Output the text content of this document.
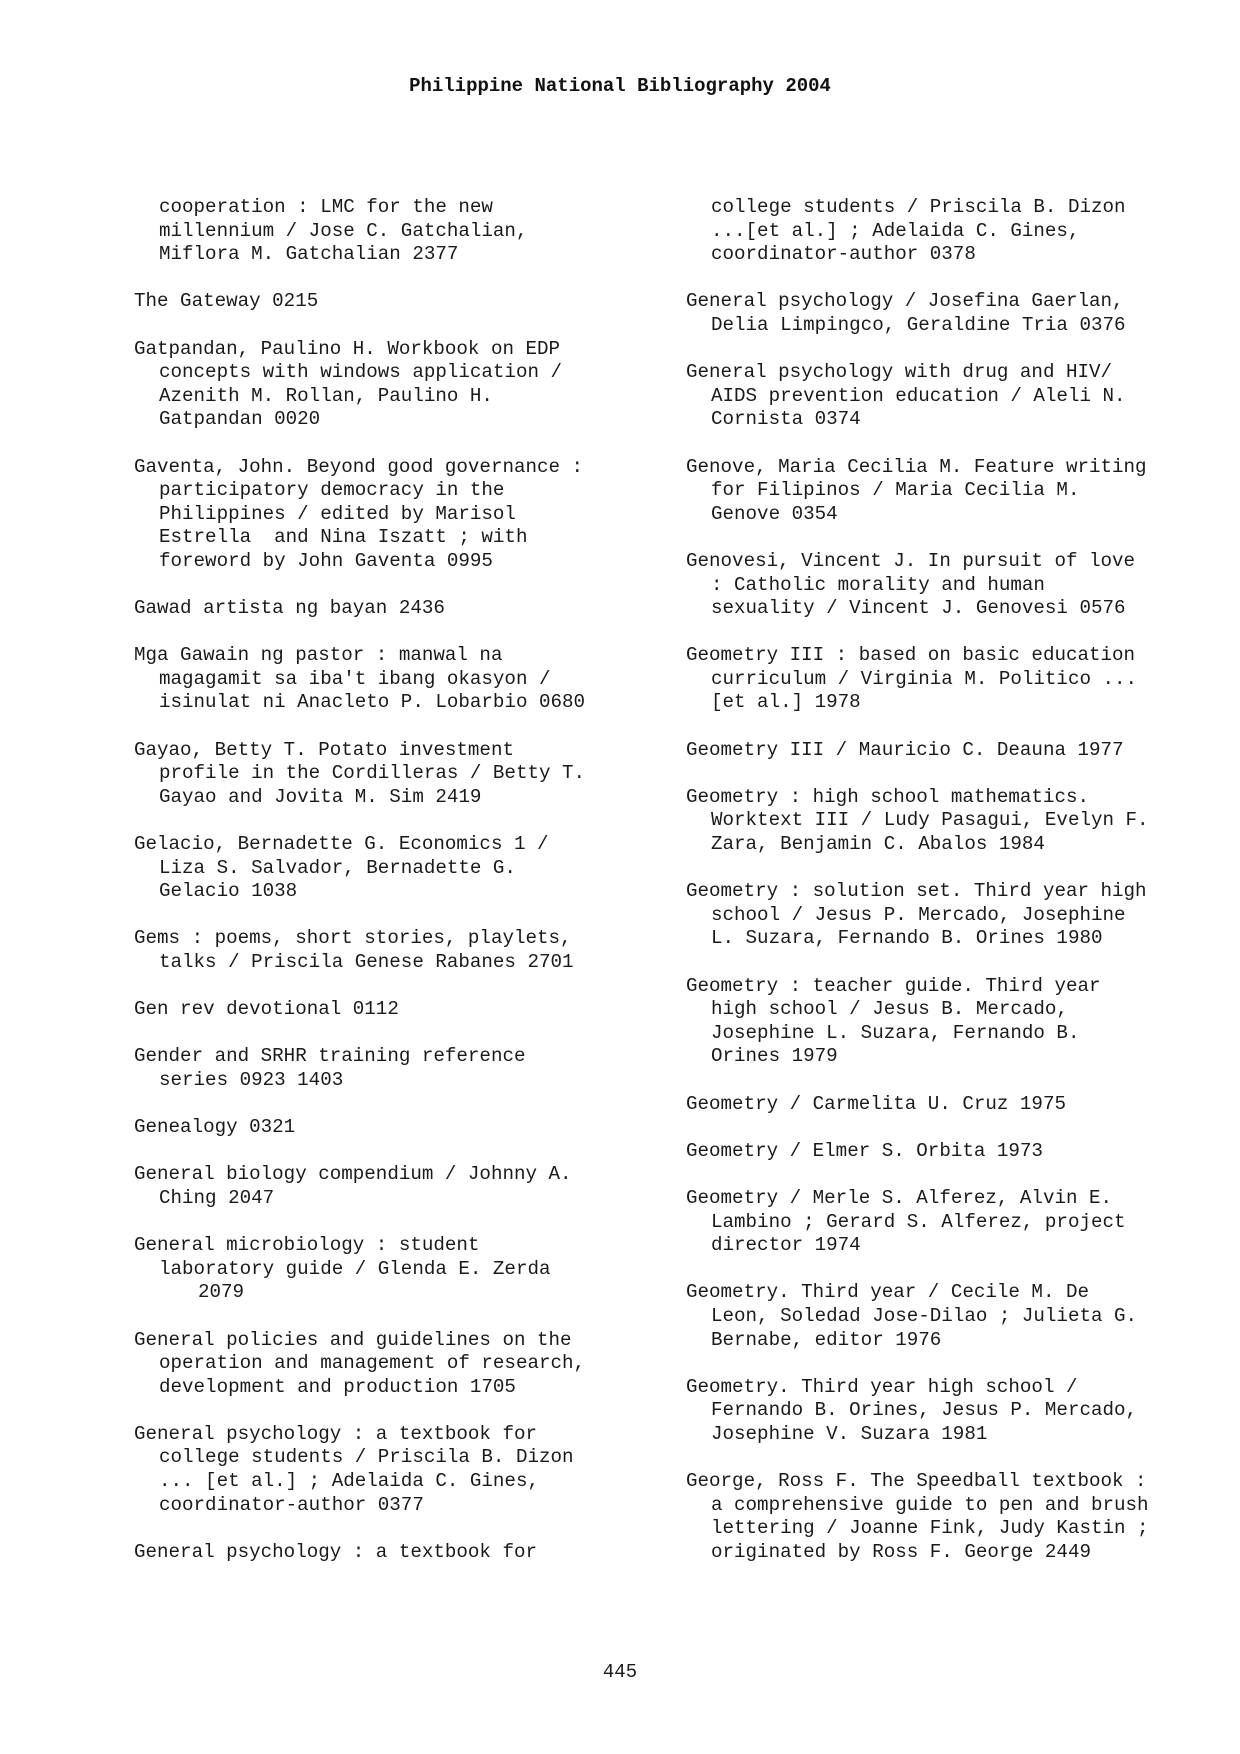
Philippine National Bibliography 2004
cooperation : LMC for the new
millennium / Jose C. Gatchalian,
Miflora M. Gatchalian 2377
The Gateway 0215
Gatpandan, Paulino H. Workbook on EDP
concepts with windows application /
Azenith M. Rollan, Paulino H.
Gatpandan 0020
Gaventa, John. Beyond good governance :
participatory democracy in the
Philippines / edited by Marisol
Estrella  and Nina Iszatt ; with
foreword by John Gaventa 0995
Gawad artista ng bayan 2436
Mga Gawain ng pastor : manwal na
magagamit sa iba't ibang okasyon /
isinulat ni Anacleto P. Lobarbio 0680
Gayao, Betty T. Potato investment
profile in the Cordilleras / Betty T.
Gayao and Jovita M. Sim 2419
Gelacio, Bernadette G. Economics 1 /
Liza S. Salvador, Bernadette G.
Gelacio 1038
Gems : poems, short stories, playlets,
talks / Priscila Genese Rabanes 2701
Gen rev devotional 0112
Gender and SRHR training reference
series 0923 1403
Genealogy 0321
General biology compendium / Johnny A.
Ching 2047
General microbiology : student
laboratory guide / Glenda E. Zerda
2079
General policies and guidelines on the
operation and management of research,
development and production 1705
General psychology : a textbook for
college students / Priscila B. Dizon
... [et al.] ; Adelaida C. Gines,
coordinator-author 0377
General psychology : a textbook for
college students / Priscila B. Dizon
...[et al.] ; Adelaida C. Gines,
coordinator-author 0378
General psychology / Josefina Gaerlan,
Delia Limpingco, Geraldine Tria 0376
General psychology with drug and HIV/
AIDS prevention education / Aleli N.
Cornista 0374
Genove, Maria Cecilia M. Feature writing
for Filipinos / Maria Cecilia M.
Genove 0354
Genovesi, Vincent J. In pursuit of love
: Catholic morality and human
sexuality / Vincent J. Genovesi 0576
Geometry III : based on basic education
curriculum / Virginia M. Politico ...
[et al.] 1978
Geometry III / Mauricio C. Deauna 1977
Geometry : high school mathematics.
Worktext III / Ludy Pasagui, Evelyn F.
Zara, Benjamin C. Abalos 1984
Geometry : solution set. Third year high
school / Jesus P. Mercado, Josephine
L. Suzara, Fernando B. Orines 1980
Geometry : teacher guide. Third year
high school / Jesus B. Mercado,
Josephine L. Suzara, Fernando B.
Orines 1979
Geometry / Carmelita U. Cruz 1975
Geometry / Elmer S. Orbita 1973
Geometry / Merle S. Alferez, Alvin E.
Lambino ; Gerard S. Alferez, project
director 1974
Geometry. Third year / Cecile M. De
Leon, Soledad Jose-Dilao ; Julieta G.
Bernabe, editor 1976
Geometry. Third year high school /
Fernando B. Orines, Jesus P. Mercado,
Josephine V. Suzara 1981
George, Ross F. The Speedball textbook :
a comprehensive guide to pen and brush
lettering / Joanne Fink, Judy Kastin ;
originated by Ross F. George 2449
445
